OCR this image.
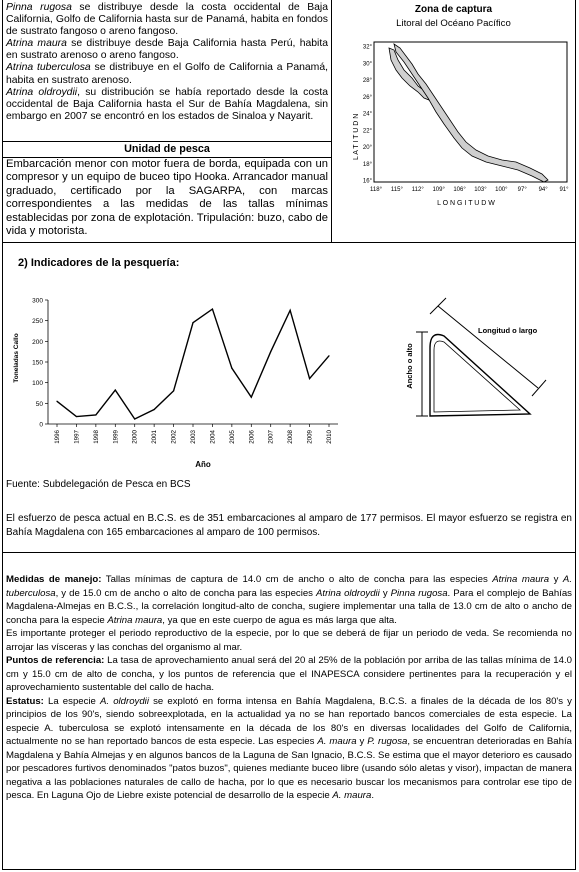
Pinna rugosa se distribuye desde la costa occidental de Baja California, Golfo de California hasta sur de Panamá, habita en fondos de sustrato fangoso o areno fangoso.

Atrina maura se distribuye desde Baja California hasta Perú, habita en sustrato arenoso o areno fangoso.

Atrina tuberculosa se distribuye en el Golfo de California a Panamá, habita en sustrato arenoso.

Atrina oldroydii, su distribución se había reportado desde la costa occidental de Baja California hasta el Sur de Bahía Magdalena, sin embargo en 2007 se encontró en los estados de Sinaloa y Nayarit.

Unidad de pesca
Embarcación menor con motor fuera de borda, equipada con un compresor y un equipo de buceo tipo Hooka. Arrancador manual graduado, certificado por la SAGARPA, con marcas correspondientes a las medidas de las tallas mínimas establecidas por zona de explotación. Tripulación: buzo, cabo de vida y motorista.
Zona de captura
Litoral del Océano Pacífico
L A T I T U D N
32°
30°
28°
26°
24°
22°
20°
18°
16°
118° 115° 112° 109° 106° 103° 100° 97° 94° 91°
L O N G I T U D W
2) Indicadores de la pesquería:
Toneladas Callo
Año
0
50
100
150
200
250
300
1996 1997 1998 1999 2000 2001 2002 2003 2004 2005 2006 2007 2008 2009 2010
Longitud o largo
Ancho o alto
Fuente: Subdelegación de Pesca en BCS
El esfuerzo de pesca actual en B.C.S. es de 351 embarcaciones al amparo de 177 permisos. El mayor esfuerzo se registra en Bahía Magdalena con 165 embarcaciones al amparo de 100 permisos.

Medidas de manejo: Tallas mínimas de captura de 14.0 cm de ancho o alto de concha para las especies Atrina maura y A. tuberculosa, y de 15.0 cm de ancho o alto de concha para las especies Atrina oldroydii y Pinna rugosa. Para el complejo de Bahías Magdalena-Almejas en B.C.S., la correlación longitud-alto de concha, sugiere implementar una talla de 13.0 cm de alto o ancho de concha para la especie Atrina maura, ya que en este cuerpo de agua es más larga que alta.

Es importante proteger el periodo reproductivo de la especie, por lo que se deberá de fijar un periodo de veda. Se recomienda no arrojar las vísceras y las conchas del organismo al mar.

Puntos de referencia: La tasa de aprovechamiento anual será del 20 al 25% de la población por arriba de las tallas mínima de 14.0 cm y 15.0 cm de alto de concha, y los puntos de referencia que el INAPESCA considere pertinentes para la recuperación y el aprovechamiento sustentable del callo de hacha.

Estatus: La especie A. oldroydii se explotó en forma intensa en Bahía Magdalena, B.C.S. a finales de la década de los 80's y principios de los 90's, siendo sobreexplotada, en la actualidad ya no se han reportado bancos comerciales de esta especie. La especie A. tuberculosa se explotó intensamente en la década de los 80's en diversas localidades del Golfo de California, actualmente no se han reportado bancos de esta especie. Las especies A. maura y P. rugosa, se encuentran deterioradas en Bahía Magdalena y Bahía Almejas y en algunos bancos de la Laguna de San Ignacio, B.C.S. Se estima que el mayor deterioro es causado por pescadores furtivos denominados "patos buzos", quienes mediante buceo libre (usando sólo aletas y visor), impactan de manera negativa a las poblaciones naturales de callo de hacha, por lo que es necesario buscar los mecanismos para controlar ese tipo de pesca. En Laguna Ojo de Liebre existe potencial de desarrollo de la especie A. maura.
